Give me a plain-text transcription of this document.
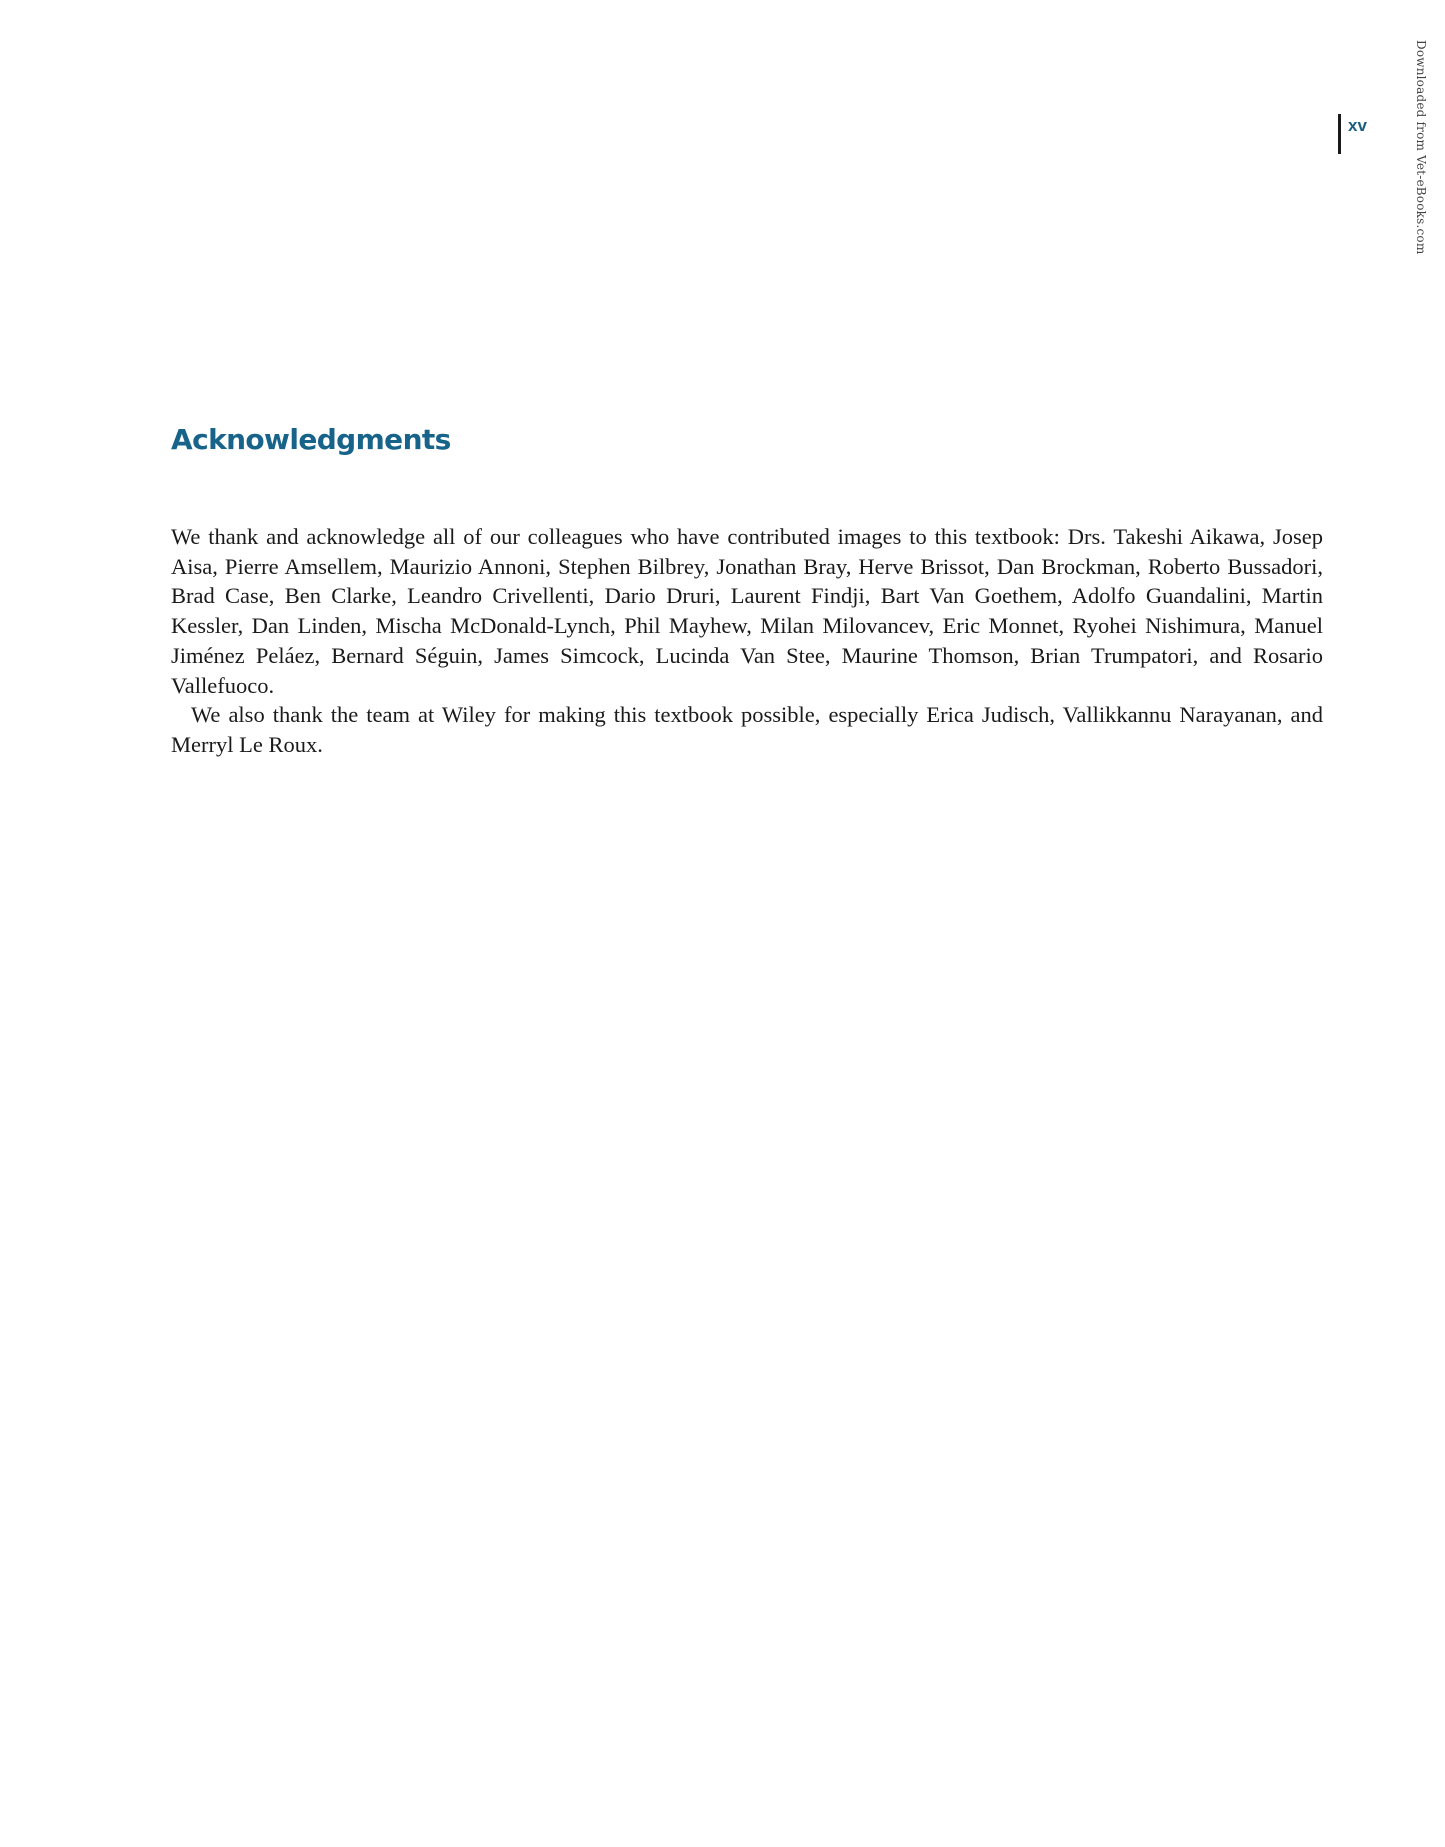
Downloaded from Vet-eBooks.com
xv
Acknowledgments

We thank and acknowledge all of our colleagues who have contributed images to this textbook: Drs. Takeshi Aikawa, Josep Aisa, Pierre Amsellem, Maurizio Annoni, Stephen Bilbrey, Jonathan Bray, Herve Brissot, Dan Brockman, Roberto Bussadori, Brad Case, Ben Clarke, Leandro Crivellenti, Dario Druri, Laurent Findji, Bart Van Goethem, Adolfo Guandalini, Martin Kessler, Dan Linden, Mischa McDonald-Lynch, Phil Mayhew, Milan Milovancev, Eric Monnet, Ryohei Nishimura, Manuel Jiménez Peláez, Bernard Séguin, James Simcock, Lucinda Van Stee, Maurine Thomson, Brian Trumpatori, and Rosario Vallefuoco.

We also thank the team at Wiley for making this textbook possible, especially Erica Judisch, Vallikkannu Narayanan, and Merryl Le Roux.
